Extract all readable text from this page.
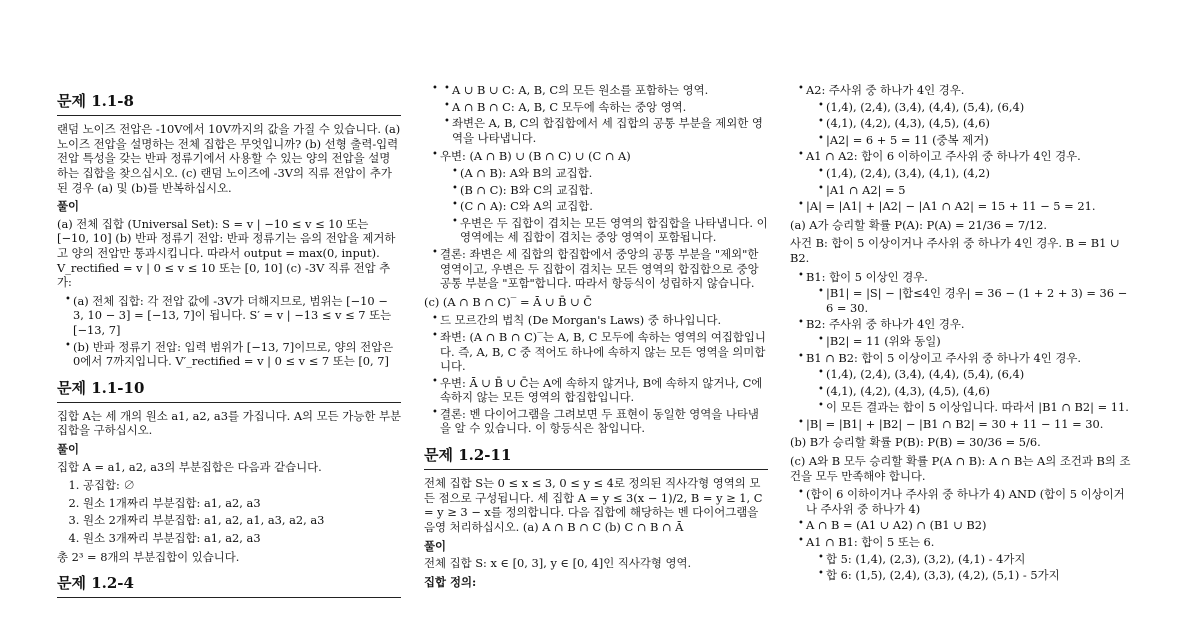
문제 1.1-8

랜덤 노이즈 전압은 -10V에서 10V까지의 값을 가질 수 있습니다. (a) 노이즈 전압을 설명하는 전체 집합은 무엇입니까? (b) 선형 출력-입력 전압 특성을 갖는 반파 정류기에서 사용할 수 있는 양의 전압을 설명하는 집합을 찾으십시오. (c) 랜덤 노이즈에 -3V의 직류 전압이 추가된 경우 (a) 및 (b)를 반복하십시오.

풀이

(a) 전체 집합 (Universal Set): S = v | −10 ≤ v ≤ 10 또는 [−10, 10] (b) 반파 정류기 전압: 반파 정류기는 음의 전압을 제거하고 양의 전압만 통과시킵니다. 따라서 output = max(0, input). V_rectified = v | 0 ≤ v ≤ 10 또는 [0, 10] (c) -3V 직류 전압 추가:

• (a) 전체 집합: 각 전압 값에 -3V가 더해지므로, 범위는 [−10 − 3, 10 − 3] = [−13, 7]이 됩니다. S′ = v | −13 ≤ v ≤ 7 또는 [−13, 7]
• (b) 반파 정류기 전압: 입력 범위가 [−13, 7]이므로, 양의 전압은 0에서 7까지입니다. V′_rectified = v | 0 ≤ v ≤ 7 또는 [0, 7]
문제 1.1-10

집합 A는 세 개의 원소 a1, a2, a3를 가집니다. A의 모든 가능한 부분집합을 구하십시오.

풀이

집합 A = a1, a2, a3의 부분집합은 다음과 같습니다.

1. 공집합: ∅
2. 원소 1개짜리 부분집합: a1, a2, a3
3. 원소 2개짜리 부분집합: a1, a2, a1, a3, a2, a3
4. 원소 3개짜리 부분집합: a1, a2, a3

총 2³ = 8개의 부분집합이 있습니다.

문제 1.2-4
• • A ∪ B ∪ C: A, B, C의 모든 원소를 포함하는 영역.
• A ∩ B ∩ C: A, B, C 모두에 속하는 중앙 영역.
• 좌변은 A, B, C의 합집합에서 세 집합의 공통 부분을 제외한 영역을 나타냅니다.
• 우변: (A ∩ B) ∪ (B ∩ C) ∪ (C ∩ A)
• (A ∩ B): A와 B의 교집합.
• (B ∩ C): B와 C의 교집합.
• (C ∩ A): C와 A의 교집합.
• 우변은 두 집합이 겹치는 모든 영역의 합집합을 나타냅니다. 이 영역에는 세 집합이 겹치는 중앙 영역이 포함됩니다.
• 결론: 좌변은 세 집합의 합집합에서 중앙의 공통 부분을 "제외"한 영역이고, 우변은 두 집합이 겹치는 모든 영역의 합집합으로 중앙 공통 부분을 "포함"합니다. 따라서 항등식이 성립하지 않습니다.

(c) (A ∩ B ∩ C)‾ = Ā ∪ B̄ ∪ C̄

• 드 모르간의 법칙 (De Morgan's Laws) 중 하나입니다.
• 좌변: (A ∩ B ∩ C)‾는 A, B, C 모두에 속하는 영역의 여집합입니다. 즉, A, B, C 중 적어도 하나에 속하지 않는 모든 영역을 의미합니다.
• 우변: Ā ∪ B̄ ∪ C̄는 A에 속하지 않거나, B에 속하지 않거나, C에 속하지 않는 모든 영역의 합집합입니다.
• 결론: 벤 다이어그램을 그려보면 두 표현이 동일한 영역을 나타냄을 알 수 있습니다. 이 항등식은 참입니다.
문제 1.2-11

전체 집합 S는 0 ≤ x ≤ 3, 0 ≤ y ≤ 4로 정의된 직사각형 영역의 모든 점으로 구성됩니다. 세 집합 A = y ≤ 3(x − 1)/2, B = y ≥ 1, C = y ≥ 3 − x를 정의합니다. 다음 집합에 해당하는 벤 다이어그램을 음영 처리하십시오. (a) A ∩ B ∩ C (b) C ∩ B ∩ Ā

풀이

전체 집합 S: x ∈ [0, 3], y ∈ [0, 4]인 직사각형 영역.

집합 정의:

• A2: 주사위 중 하나가 4인 경우.
• (1,4), (2,4), (3,4), (4,4), (5,4), (6,4)
• (4,1), (4,2), (4,3), (4,5), (4,6)
• |A2| = 6 + 5 = 11 (중복 제거)
• A1 ∩ A2: 합이 6 이하이고 주사위 중 하나가 4인 경우.
• (1,4), (2,4), (3,4), (4,1), (4,2)
• |A1 ∩ A2| = 5
• |A| = |A1| + |A2| − |A1 ∩ A2| = 15 + 11 − 5 = 21.

(a) A가 승리할 확률 P(A): P(A) = 21/36 = 7/12.

사건 B: 합이 5 이상이거나 주사위 중 하나가 4인 경우. B = B1 ∪ B2.

• B1: 합이 5 이상인 경우.
• |B1| = |S| − |합≤4인 경우| = 36 − (1 + 2 + 3) = 36 − 6 = 30.
• B2: 주사위 중 하나가 4인 경우.
• |B2| = 11 (위와 동일)
• B1 ∩ B2: 합이 5 이상이고 주사위 중 하나가 4인 경우.
• (1,4), (2,4), (3,4), (4,4), (5,4), (6,4)
• (4,1), (4,2), (4,3), (4,5), (4,6)
• 이 모든 결과는 합이 5 이상입니다. 따라서 |B1 ∩ B2| = 11.
• |B| = |B1| + |B2| − |B1 ∩ B2| = 30 + 11 − 11 = 30.

(b) B가 승리할 확률 P(B): P(B) = 30/36 = 5/6.

(c) A와 B 모두 승리할 확률 P(A ∩ B): A ∩ B는 A의 조건과 B의 조건을 모두 만족해야 합니다.

• (합이 6 이하이거나 주사위 중 하나가 4) AND (합이 5 이상이거나 주사위 중 하나가 4)
• A ∩ B = (A1 ∪ A2) ∩ (B1 ∪ B2)
• A1 ∩ B1: 합이 5 또는 6.
• 합 5: (1,4), (2,3), (3,2), (4,1) - 4가지
• 합 6: (1,5), (2,4), (3,3), (4,2), (5,1) - 5가지
